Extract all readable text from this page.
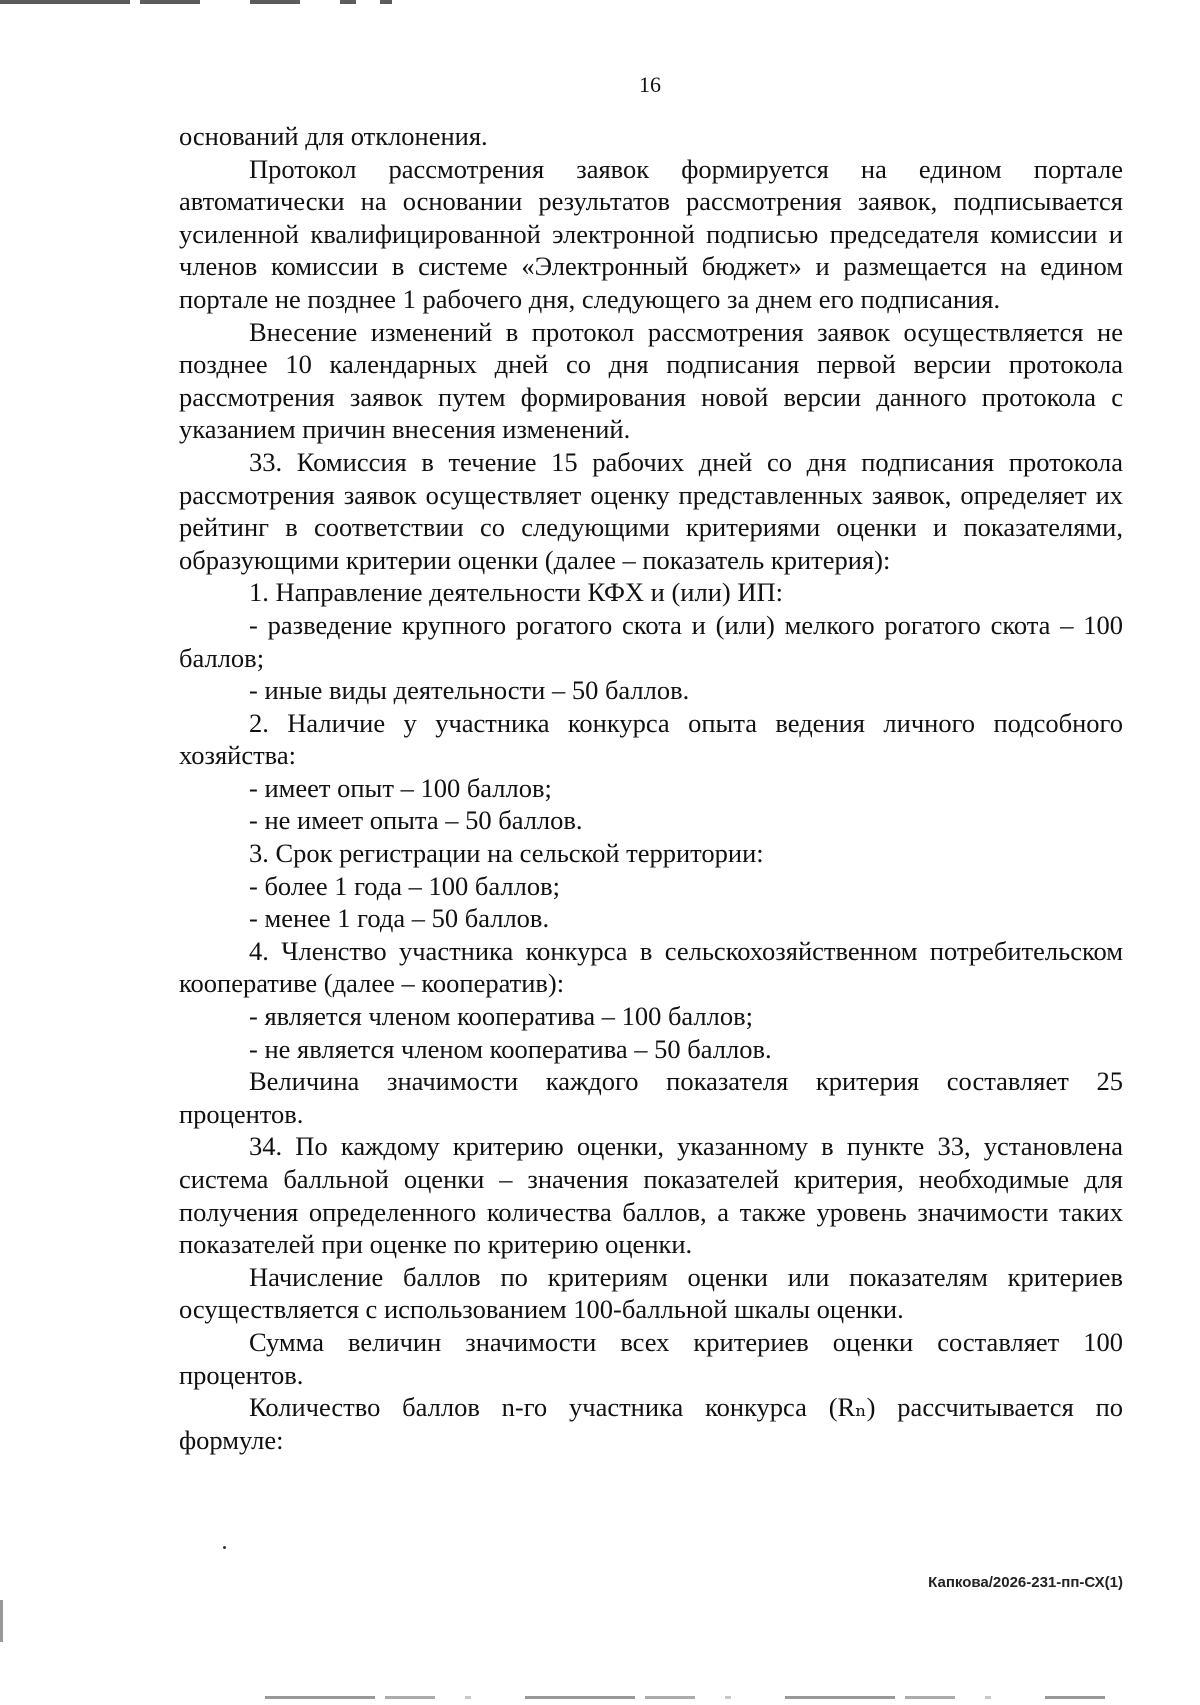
16

оснований для отклонения.

Протокол рассмотрения заявок формируется на едином портале автоматически на основании результатов рассмотрения заявок, подписывается усиленной квалифицированной электронной подписью председателя комиссии и членов комиссии в системе «Электронный бюджет» и размещается на едином портале не позднее 1 рабочего дня, следующего за днем его подписания.

Внесение изменений в протокол рассмотрения заявок осуществляется не позднее 10 календарных дней со дня подписания первой версии протокола рассмотрения заявок путем формирования новой версии данного протокола с указанием причин внесения изменений.

33. Комиссия в течение 15 рабочих дней со дня подписания протокола рассмотрения заявок осуществляет оценку представленных заявок, определяет их рейтинг в соответствии со следующими критериями оценки и показателями, образующими критерии оценки (далее – показатель критерия):

1. Направление деятельности КФХ и (или) ИП:

- разведение крупного рогатого скота и (или) мелкого рогатого скота – 100 баллов;

- иные виды деятельности – 50 баллов.

2. Наличие у участника конкурса опыта ведения личного подсобного хозяйства:

- имеет опыт – 100 баллов;

- не имеет опыта – 50 баллов.

3. Срок регистрации на сельской территории:

- более 1 года – 100 баллов;

- менее 1 года – 50 баллов.

4. Членство участника конкурса в сельскохозяйственном потребительском кооперативе (далее – кооператив):

- является членом кооператива – 100 баллов;

- не является членом кооператива – 50 баллов.

Величина значимости каждого показателя критерия составляет 25 процентов.

34. По каждому критерию оценки, указанному в пункте 33, установлена система балльной оценки – значения показателей критерия, необходимые для получения определенного количества баллов, а также уровень значимости таких показателей при оценке по критерию оценки.

Начисление баллов по критериям оценки или показателям критериев осуществляется с использованием 100-балльной шкалы оценки.

Сумма величин значимости всех критериев оценки составляет 100 процентов.

Количество баллов n-го участника конкурса (Rₙ) рассчитывается по формуле:

Капкова/2026-231-пп-СХ(1)
